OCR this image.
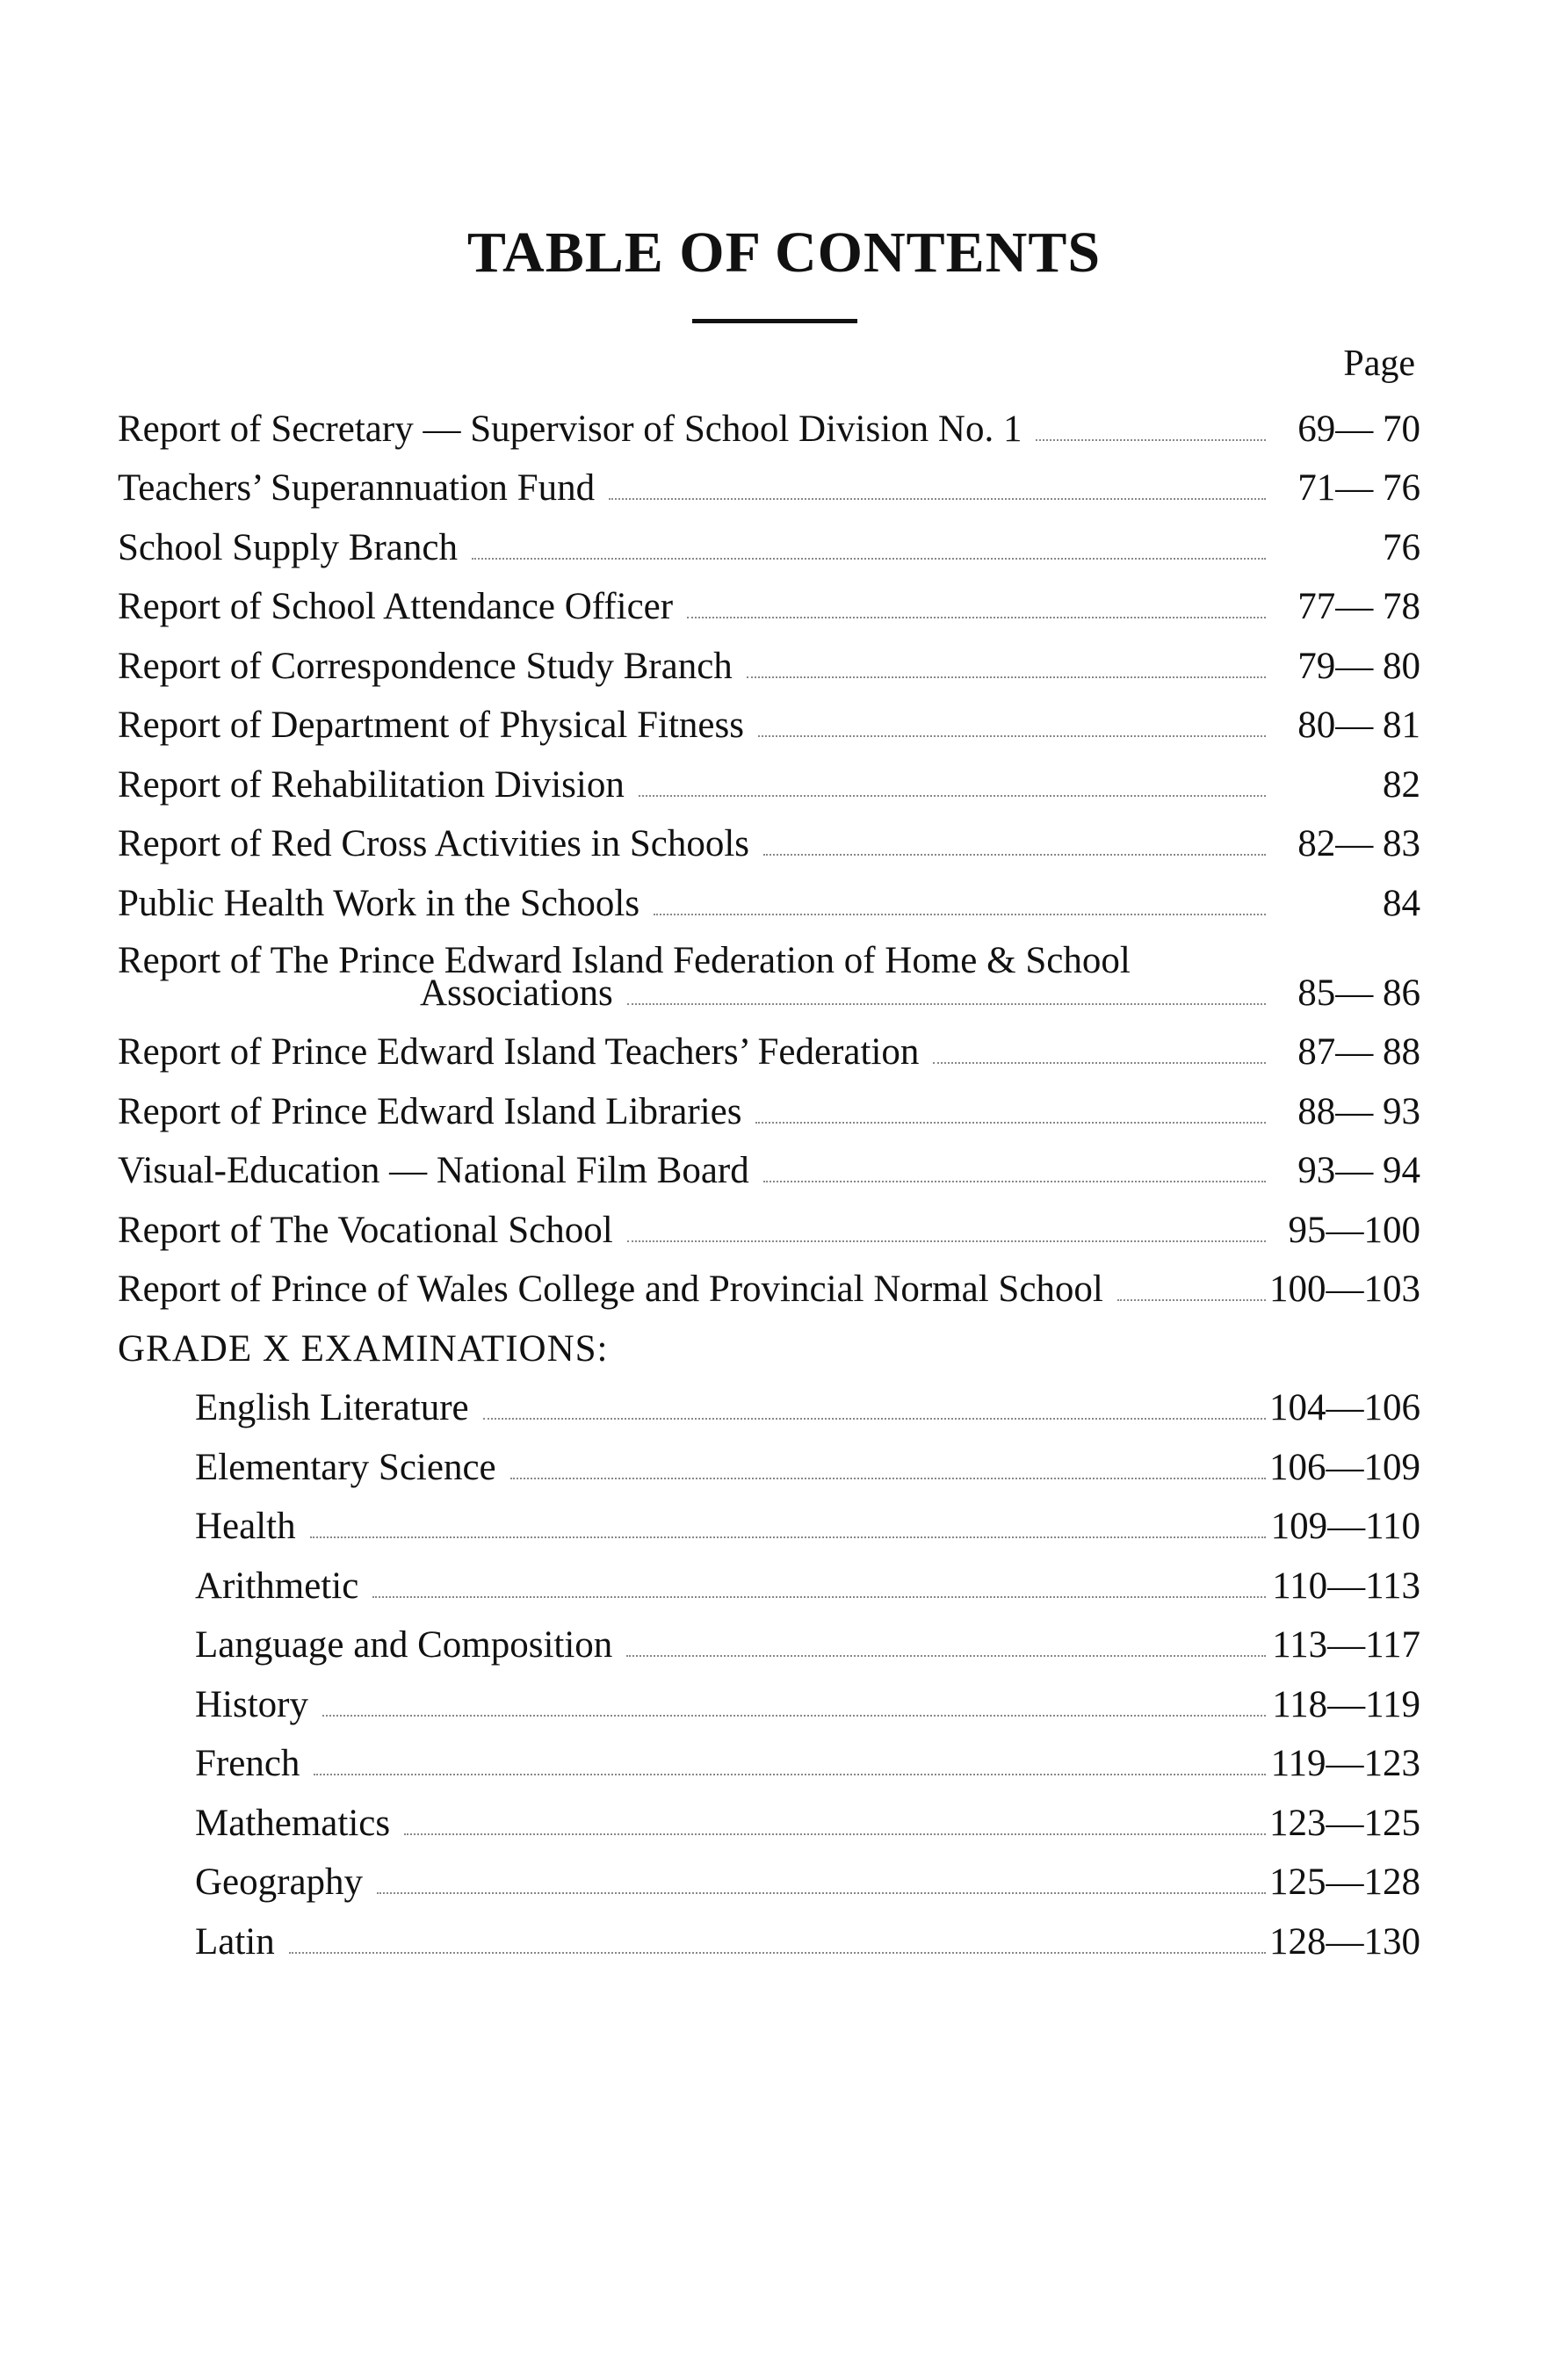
TABLE OF CONTENTS
Page
Report of Secretary — Supervisor of School Division No. 1	69— 70
Teachers’ Superannuation Fund	71— 76
School Supply Branch	76
Report of School Attendance Officer	77— 78
Report of Correspondence Study Branch	79— 80
Report of Department of Physical Fitness	80— 81
Report of Rehabilitation Division	82
Report of Red Cross Activities in Schools	82— 83
Public Health Work in the Schools	84
Report of The Prince Edward Island Federation of Home & School
Associations	85— 86
Report of Prince Edward Island Teachers’ Federation	87— 88
Report of Prince Edward Island Libraries	88— 93
Visual-Education — National Film Board	93— 94
Report of The Vocational School	95—100
Report of Prince of Wales College and Provincial Normal School	100—103
GRADE X EXAMINATIONS:
English Literature	104—106
Elementary Science	106—109
Health	109—110
Arithmetic	110—113
Language and Composition	113—117
History	118—119
French	119—123
Mathematics	123—125
Geography	125—128
Latin	128—130
